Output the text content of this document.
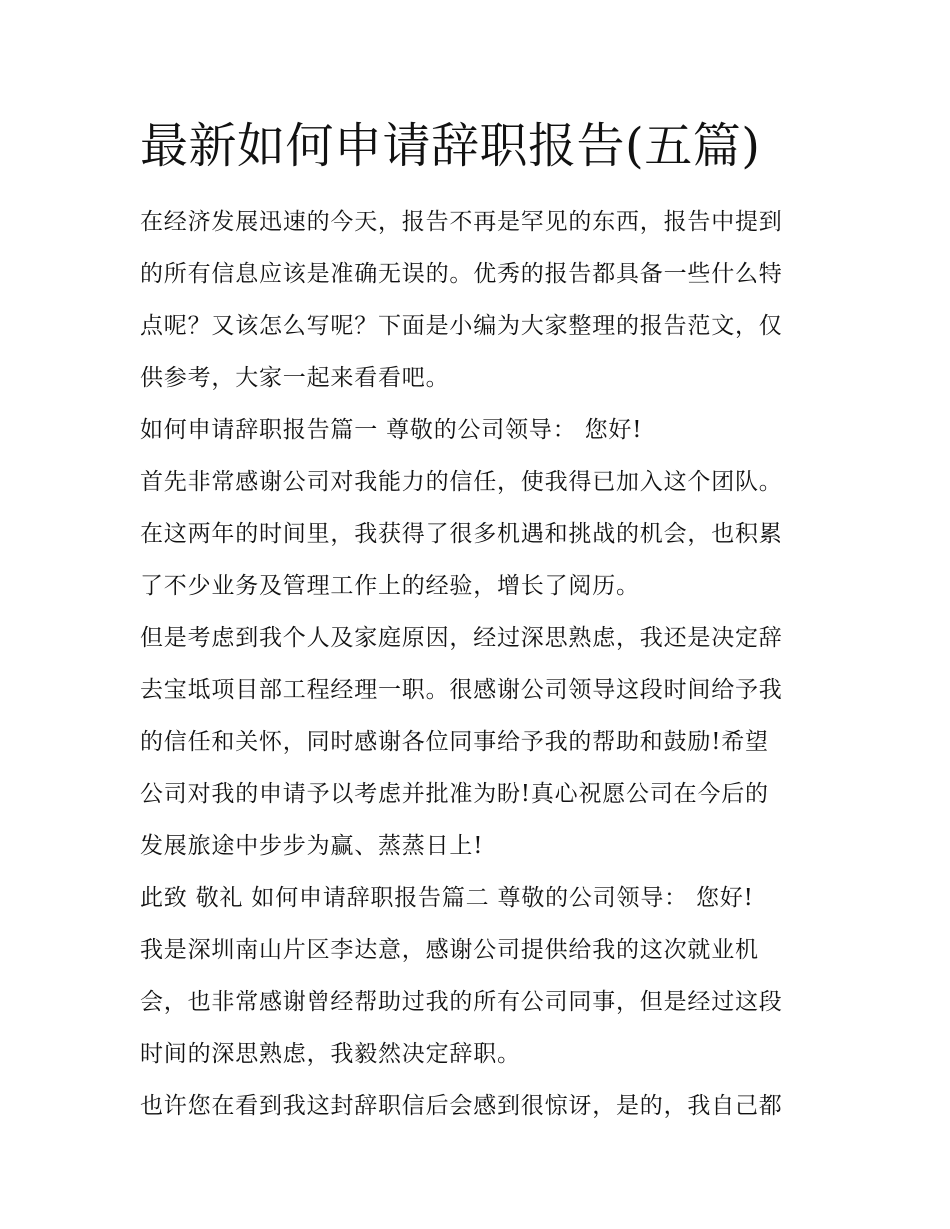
最新如何申请辞职报告(五篇)
在经济发展迅速的今天，报告不再是罕见的东西，报告中提到
的所有信息应该是准确无误的。优秀的报告都具备一些什么特
点呢？又该怎么写呢？下面是小编为大家整理的报告范文，仅
供参考，大家一起来看看吧。
如何申请辞职报告篇一 尊敬的公司领导： 您好!
首先非常感谢公司对我能力的信任，使我得已加入这个团队。
在这两年的时间里，我获得了很多机遇和挑战的机会，也积累
了不少业务及管理工作上的经验，增长了阅历。
但是考虑到我个人及家庭原因，经过深思熟虑，我还是决定辞
去宝坻项目部工程经理一职。很感谢公司领导这段时间给予我
的信任和关怀，同时感谢各位同事给予我的帮助和鼓励!希望
公司对我的申请予以考虑并批准为盼!真心祝愿公司在今后的
发展旅途中步步为赢、蒸蒸日上!
此致 敬礼 如何申请辞职报告篇二 尊敬的公司领导： 您好!
我是深圳南山片区李达意，感谢公司提供给我的这次就业机
会，也非常感谢曾经帮助过我的所有公司同事，但是经过这段
时间的深思熟虑，我毅然决定辞职。
也许您在看到我这封辞职信后会感到很惊讶，是的，我自己都
